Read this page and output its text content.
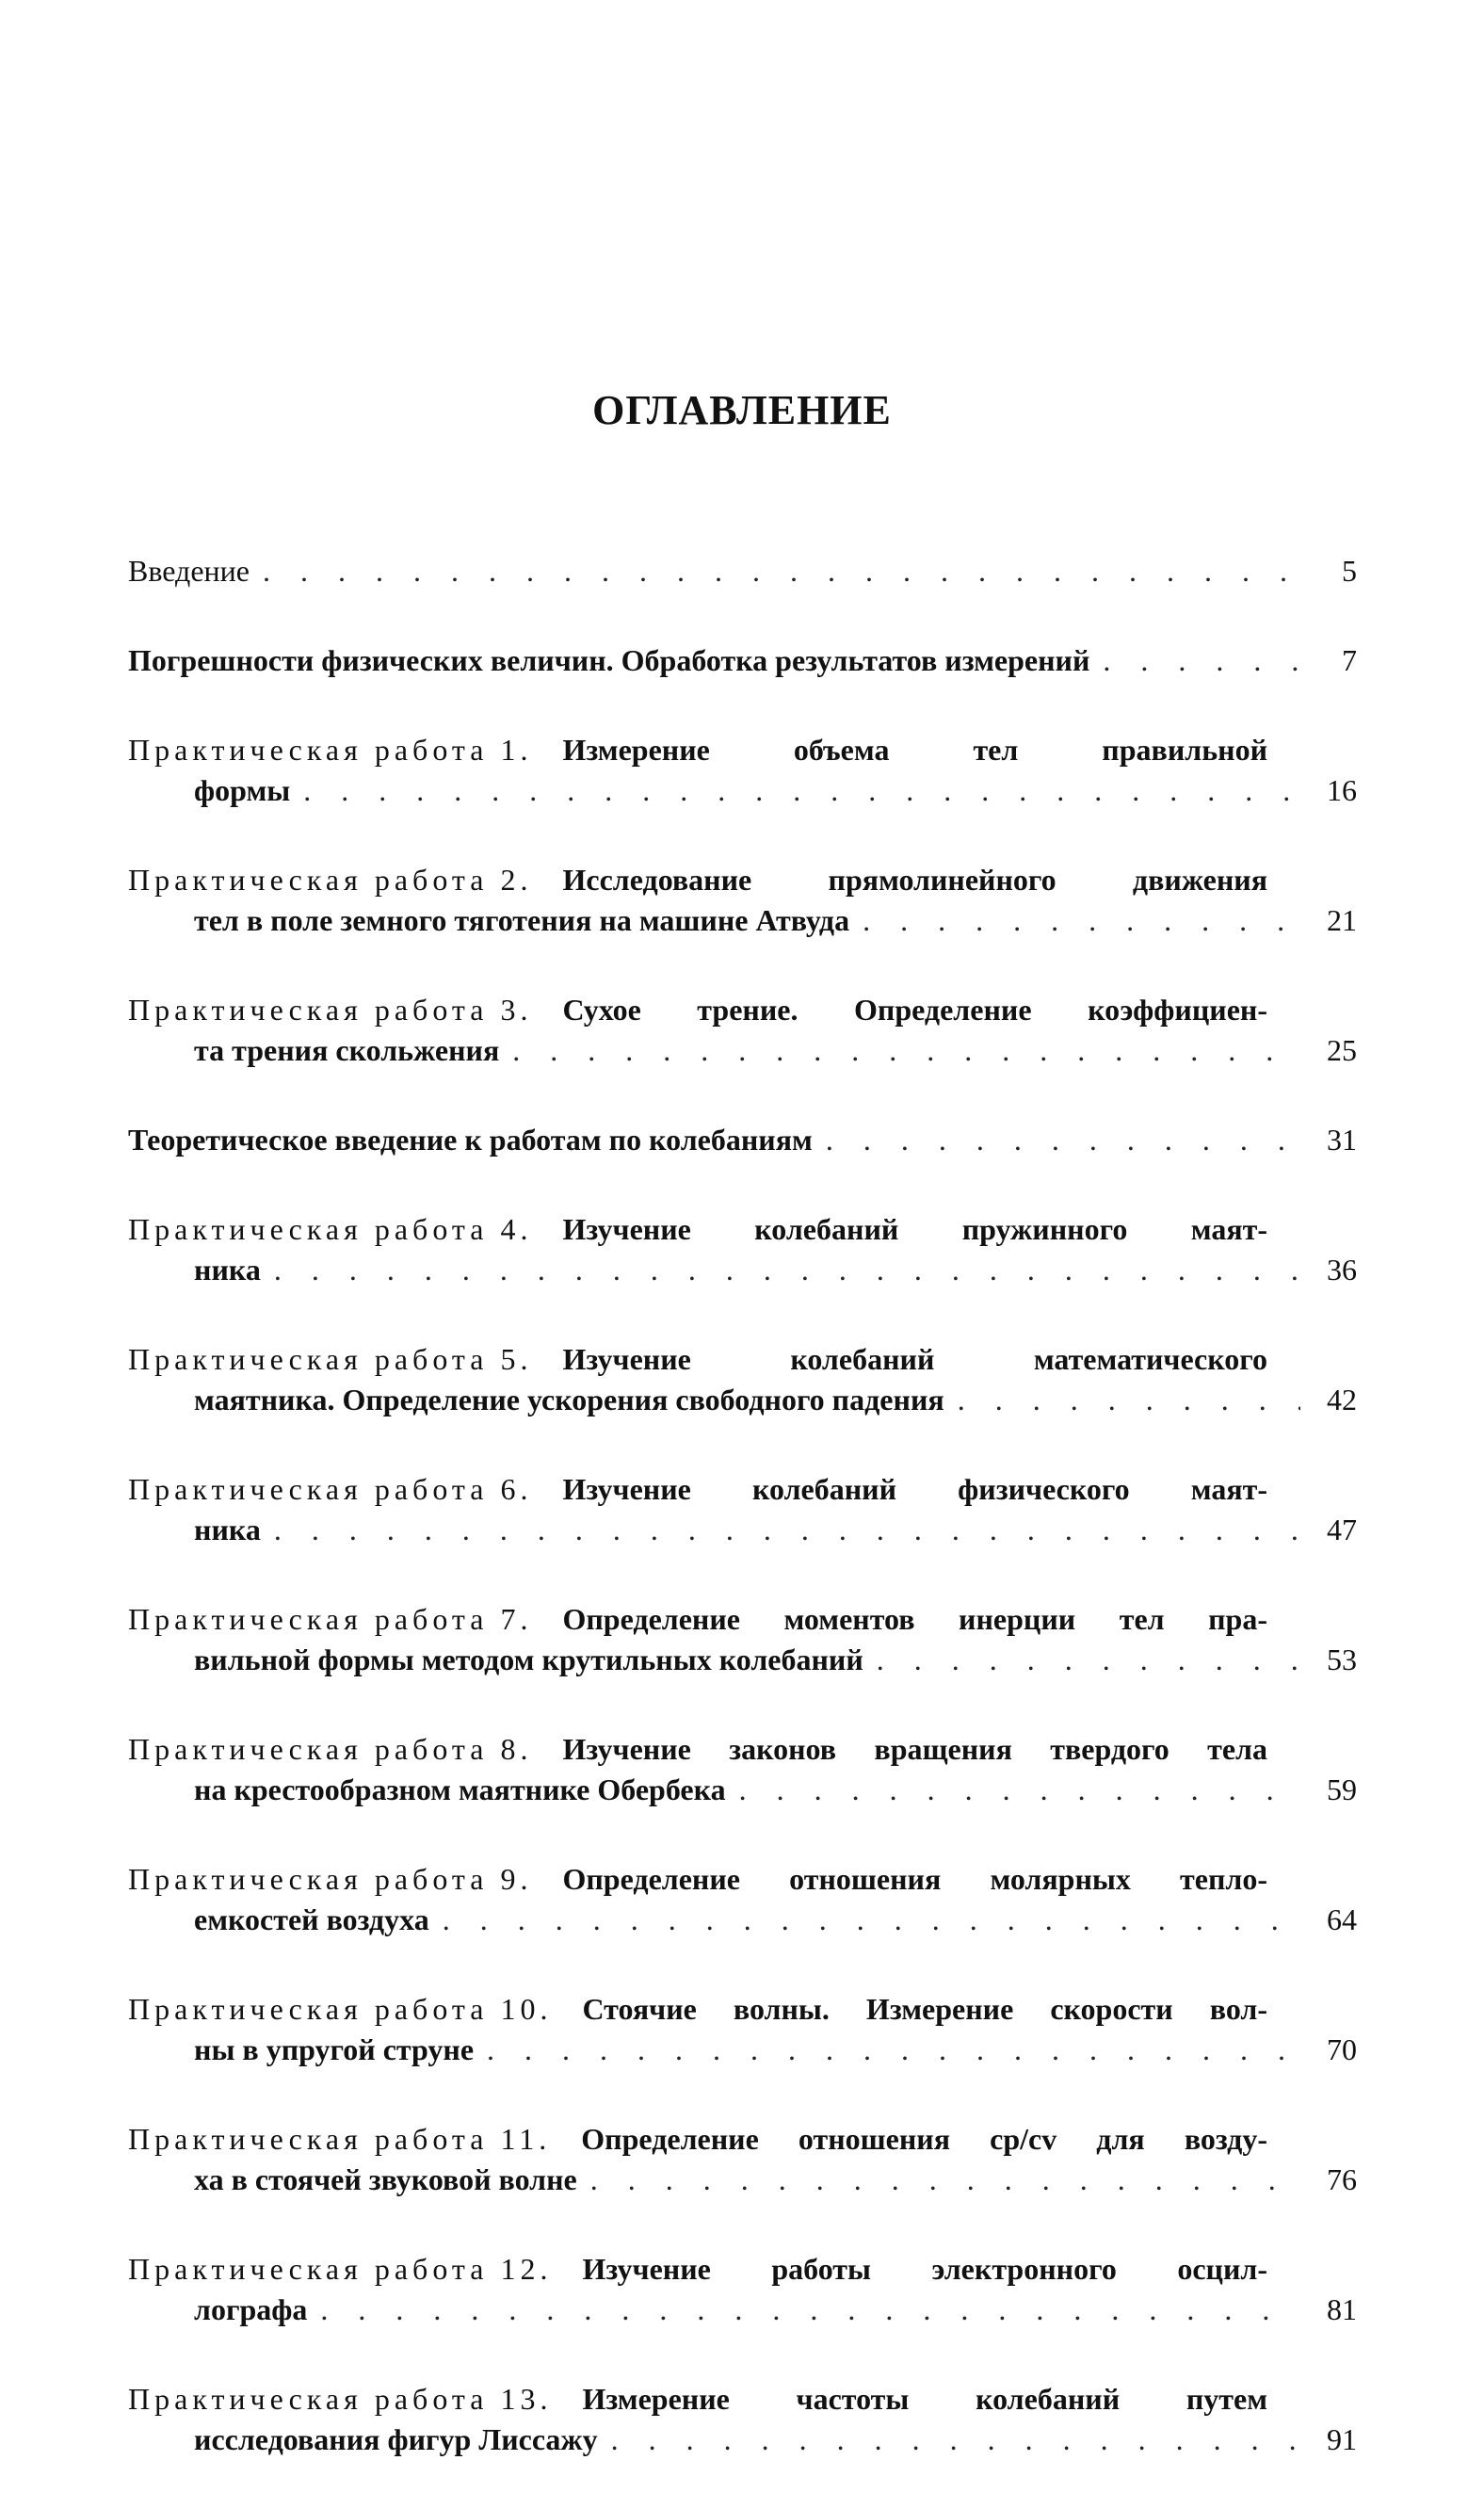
ОГЛАВЛЕНИЕ
Введение . . .	5
Погрешности физических величин. Обработка результатов измерений . . .	7
Практическая работа 1. Измерение объема тел правильной
формы . . .	16
Практическая работа 2. Исследование прямолинейного движения
тел в поле земного тяготения на машине Атвуда . . .	21
Практическая работа 3. Сухое трение. Определение коэффициен-
та трения скольжения . . .	25
Теоретическое введение к работам по колебаниям . . .	31
Практическая работа 4. Изучение колебаний пружинного маят-
ника . . .	36
Практическая работа 5. Изучение колебаний математического
маятника. Определение ускорения свободного падения . . .	42
Практическая работа 6. Изучение колебаний физического маят-
ника . . .	47
Практическая работа 7. Определение моментов инерции тел пра-
вильной формы методом крутильных колебаний . . .	53
Практическая работа 8. Изучение законов вращения твердого тела
на крестообразном маятнике Обербека . . .	59
Практическая работа 9. Определение отношения молярных тепло-
емкостей воздуха . . .	64
Практическая работа 10. Стоячие волны. Измерение скорости вол-
ны в упругой струне . . .	70
Практическая работа 11. Определение отношения cp/cv для возду-
ха в стоячей звуковой волне . . .	76
Практическая работа 12. Изучение работы электронного осцил-
лографа . . .	81
Практическая работа 13. Измерение частоты колебаний путем
исследования фигур Лиссажу . . .	91
